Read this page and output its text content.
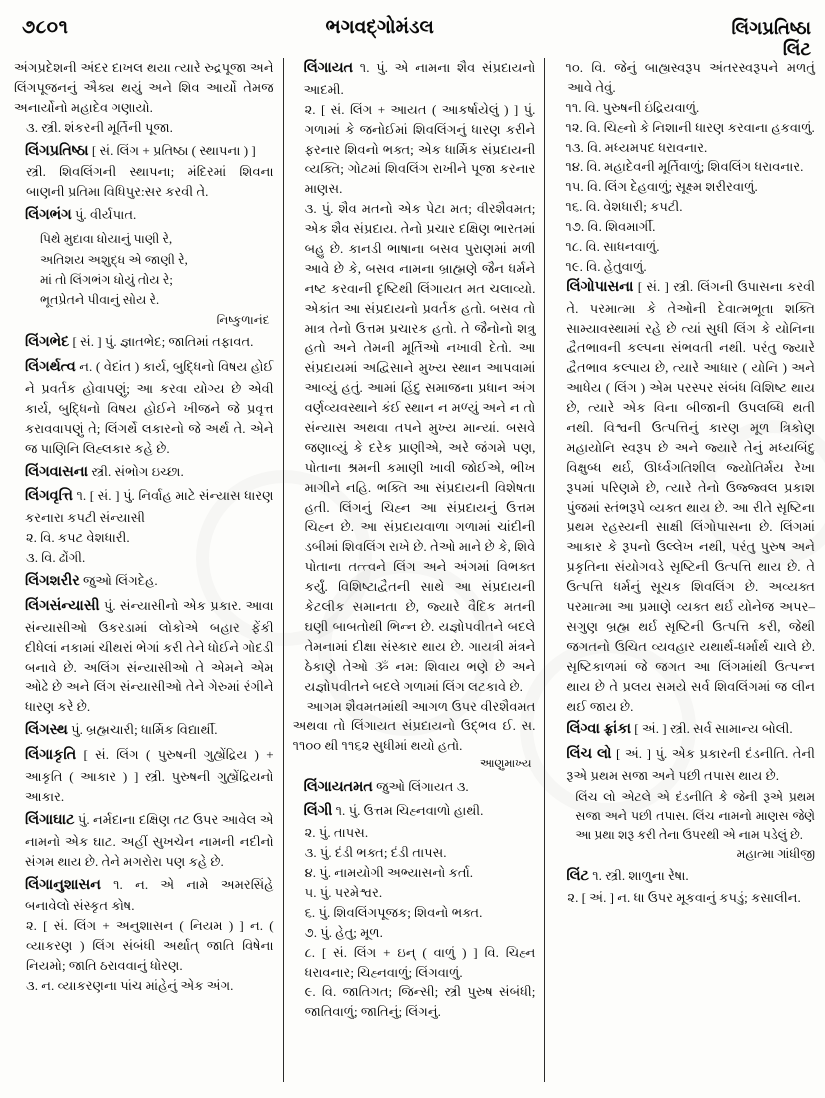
૭૮૦૧	ભગવદ્ગોમંડલ	લિંગપ્રતિષ્ઠા
લિંટ

અંગપ્રદેશની અંદર દાખલ થયા ત્યારે રુદ્રપૂજા અને લિંગપૂજનનું ઐક્ય થયું અને શિવ આર્યો તેમજ અનાર્યોનો મહાદેવ ગણાયો.

૩. સ્ત્રી. શંકરની મૂર્તિની પૂજા.

લિંગપ્રતિષ્ઠા [ સં. લિંગ + પ્રતિષ્ઠા ( સ્થાપના ) ]

સ્ત્રી. શિવલિંગની સ્થાપના; મંદિરમાં શિવના બાણની પ્રતિમા વિધિપુર:સર કરવી તે.

લિંગભંગ પું. વીર્યપાત.

પિથે મુદાવા ધોયાનું પાણી રે,

અતિશય અશુદ્ધ એ જાણી રે,

માં તો લિંગભંગ ધોયું તોય રે;

ભૂતપ્રેતને પીવાનું સોય રે.

નિષ્કુળાનંદ

લિંગભેદ [ સં. ] પું. જ્ઞાતભેદ; જાતિમાં તફાવત.

લિંગર્થત્વ ન. ( વેદાંત ) કાર્ય, બુદ્ધિનો વિષય હોઈ ને પ્રવર્તક હોવાપણું; આ કરવા યોગ્ય છે એવી કાર્ય, બુદ્ધિનો વિષય હોઈને ખીજને જે પ્રવૃત્ત કરાવવાપણું તે; લિંગર્થે લકારનો જે અર્થ તે. એને જ પાણિનિ લિહ્લકાર કહે છે.

લિંગવાસના સ્ત્રી. સંભોગ ઇચ્છા.

લિંગવૃત્તિ ૧. [ સં. ] પું. નિર્વાહ માટે સંન્યાસ ધારણ કરનારા કપટી સંન્યાસી

૨. વિ. કપટ વેશધારી.

૩. વિ. ઢોંગી.

લિંગશરીર જુઓ લિંગદેહ.

લિંગસંન્યાસી પું. સંન્યાસીનો એક પ્રકાર. આવા સંન્યાસીઓ ઉકરડામાં લોકોએ બહાર ફેંકી દીધેલાં નકામાં ચીથરાં ભેગાં કરી તેને ધોઈને ગોદડી બનાવે છે. અલિંગ સંન્યાસીઓ તે એમને એમ ઓઢે છે અને લિંગ સંન્યાસીઓ તેને ગેરુમાં રંગીને ધારણ કરે છે.

લિંગસ્થ પું. બ્રહ્મચારી; ધાર્મિક વિદ્યાર્થી.

લિંગાકૃતિ [ સં. લિંગ ( પુરુષની ગુહ્યેંદ્રિય ) + આકૃતિ ( આકાર ) ] સ્ત્રી. પુરુષની ગુહ્યેંદ્રિયનો આકાર.

લિંગાઘાટ પું. નર્મદાના દક્ષિણ તટ ઉપર આવેલ એ નામનો એક ઘાટ. અહીં સુખચેન નામની નદીનો સંગમ થાય છે. તેને મગરોરા પણ કહે છે.

લિંગાનુશાસન ૧. ન. એ નામે અમરસિંહે બનાવેલો સંસ્કૃત કોષ.

૨. [ સં. લિંગ + અનુશાસન ( નિયમ ) ] ન. ( વ્યાકરણ ) લિંગ સંબંધી અર્થાત્ જાતિ વિષેના નિયમો; જાતિ ઠરાવવાનું ધોરણ.

૩. ન. વ્યાકરણના પાંચ માંહેનું એક અંગ.

લિંગાયત ૧. પું. એ નામના શૈવ સંપ્રદાયનો આદમી.

૨. [ સં. લિંગ + આયત ( આકર્ષાયેલું ) ] પું. ગળામાં કે જનોઈમાં શિવલિંગનું ધારણ કરીને ફરનાર શિવનો ભક્ત; એક ધાર્મિક સંપ્રદાયની વ્યક્તિ; ગોટમાં શિવલિંગ રાખીને પૂજા કરનાર માણસ.

૩. પું. શૈવ મતનો એક પેટા મત; વીરશૈવમત; એક શૈવ સંપ્રદાય. તેનો પ્રચાર દક્ષિણ ભારતમાં બહુ છે. કાનડી ભાષાના બસવ પુરાણમાં મળી આવે છે કે, બસવ નામના બ્રાહ્મણે જૈન ધર્મને નષ્ટ કરવાની દૃષ્ટિથી લિંગાયત મત ચલાવ્યો. એકાંત આ સંપ્રદાયનો પ્રવર્તક હતો. બસવ તો માત્ર તેનો ઉત્તમ પ્રચારક હતો. તે જૈનોનો શત્રુ હતો અને તેમની મૂર્તિઓ નખાવી દેતો. આ સંપ્રદાયમાં અદ્વિસાને મુખ્ય સ્થાન આપવામાં આવ્યું હતું. આમાં હિંદુ સમાજના પ્રધાન અંગ વર્ણવ્યવસ્થાને કંઈ સ્થાન ન મળ્યું અને ન તો સંન્યાસ અથવા તપને મુખ્ય માન્યાં. બસવે જણાવ્યું કે દરેક પ્રાણીએ, અરે જંગમે પણ, પોતાના શ્રમની કમાણી ખાવી જોઈએ, ભીખ માગીને નહિ. ભક્તિ આ સંપ્રદાયની વિશેષતા હતી. લિંગનું ચિહ્ન આ સંપ્રદાયનું ઉત્તમ ચિહ્ન છે. આ સંપ્રદાયવાળા ગળામાં ચાંદીની ડબીમાં શિવલિંગ રાખે છે. તેઓ માને છે કે, શિવે પોતાના તત્ત્વને લિંગ અને અંગમાં વિભક્ત કર્યું. વિશિષ્ટાદ્વૈતની સાથે આ સંપ્રદાયની કેટલીક સમાનતા છે, જ્યારે વૈદિક મતની ઘણી બાબતોથી ભિન્ન છે. યજ્ઞોપવીતને બદલે તેમનામાં દીક્ષા સંસ્કાર થાય છે. ગાયત્રી મંત્રને ઠેકાણે તેઓ ૐ નમ: શિવાય ભણે છે અને યજ્ઞોપવીતને બદલે ગળામાં લિંગ લટકાવે છે.

આગમ શૈવમતમાંથી આગળ ઉપર વીરશૈવમત અથવા તો લિંગાયત સંપ્રદાયનો ઉદ્‌ભવ ઈ. સ. ૧૧૦૦ થી ૧૧૬૨ સુધીમાં થયો હતો.

આણુમાખ્ય

લિંગાયતમત જુઓ લિંગાયત ૩.

લિંગી ૧. પું. ઉત્તમ ચિહ્નવાળો હાથી.

૨. પું. તાપસ.

૩. પું. દંડી ભક્ત; દંડી તાપસ.

૪. પું. નામયોગી અભ્યાસનો કર્તા.

૫. પું. પરમેશ્વર.

૬. પું. શિવલિંગપૂજક; શિવનો ભક્ત.

૭. પું. હેતુ; મૂળ.

૮. [ સં. લિંગ + ઇન્ ( વાળું ) ] વિ. ચિહ્ન ધરાવનાર; ચિહ્નવાળું; લિંગવાળું.

૯. વિ. જાતિગત; જિન્સી; સ્ત્રી પુરુષ સંબંધી; જાતિવાળું; જાતિનું; લિંગનું.

૧૦. વિ. જેનું બાહ્યસ્વરૂપ અંતરસ્વરૂપને મળતું આવે તેવું.

૧૧. વિ. પુરુષની ઇંદ્રિયવાળું.

૧૨. વિ. ચિહ્નો કે નિશાની ધારણ કરવાના હકવાળું.

૧૩. વિ. મધ્યમપદ ધરાવનાર.

૧૪. વિ. મહાદેવની મૂર્તિવાળું; શિવલિંગ ધરાવનાર.

૧૫. વિ. લિંગ દેહવાળું; સૂક્ષ્મ શરીરવાળું.

૧૬. વિ. વેશધારી; કપટી.

૧૭. વિ. શિવમાર્ગી.

૧૮. વિ. સાધનવાળું.

૧૯. વિ. હેતુવાળું.

લિંગોપાસના [ સં. ] સ્ત્રી. લિંગની ઉપાસના કરવી તે. પરમાત્મા કે તેઓની દેવાત્મભૂતા શક્તિ સામ્યાવસ્થામાં રહે છે ત્યાં સુધી લિંગ કે યોનિના દ્વૈતભાવની કલ્પના સંભવતી નથી. પરંતુ જ્યારે દ્વૈતભાવ કલ્પાય છે, ત્યારે આધાર ( યોનિ ) અને આધેય ( લિંગ ) એમ પરસ્પર સંબંધ વિશિષ્ટ થાય છે, ત્યારે એક વિના બીજાની ઉપલબ્ધિ થતી નથી. વિશ્વની ઉત્પત્તિનું કારણ મૂળ ત્રિકોણ મહાયોનિ સ્વરૂપ છે અને જ્યારે તેનું મધ્યબિંદુ વિક્ષુબ્ધ થર્ઇ, ઊર્ધ્વગતિશીલ જ્યોતિર્મય રેખા રૂપમાં પરિણમે છે, ત્યારે તેનો ઉજ્જ્વલ પ્રકાશ પુંજમાં સ્તંભરૂપે વ્યક્ત થાય છે. આ રીતે સૃષ્ટિના પ્રથમ રહસ્યની સાક્ષી લિંગોપાસના છે. લિંગમાં આકાર કે રૂપનો ઉલ્લેખ નથી, પરંતુ પુરુષ અને પ્રકૃતિના સંયોગવડે સૃષ્ટિની ઉત્પત્તિ થાય છે. તે ઉત્પત્તિ ધર્મનું સૂચક શિવલિંગ છે. અવ્યક્ત પરમાત્મા આ પ્રમાણે વ્યક્ત થર્ઇ યોનેજ અપર–સગુણ બ્રહ્મ થર્ઇ સૃષ્ટિની ઉત્પત્તિ કરી, જેથી જગતનો ઉચિત વ્યવહાર યથાર્થ-ધર્માર્થ ચાલે છે. સૃષ્ટિકાળમાં જે જગત આ લિંગમાંથી ઉત્પન્ન થાય છે તે પ્રલય સમયે સર્વ શિવલિંગમાં જ લીન થઈ જાય છે.

લિંગ્વા ફ્રાંકા [ અં. ] સ્ત્રી. સર્વ સામાન્ય બોલી.

લિંચ લો [ અં. ] પું. એક પ્રકારની દંડનીતિ. તેની રૂએ પ્રથમ સજા અને પછી તપાસ થાય છે.

લિંચ લો એટલે એ દંડનીતિ કે જેની રૂએ પ્રથમ સજા અને પછી તપાસ. લિંચ નામનો માણસ જેણે આ પ્રથા શરૂ કરી તેના ઉપરથી એ નામ પડેલું છે.
મહાત્મા ગાંધીજી

લિંટ ૧. સ્ત્રી. શાળુના રેષા.

૨. [ અં. ] ન. ધા ઉપર મૂકવાનું કપડું; કસાલીન.
